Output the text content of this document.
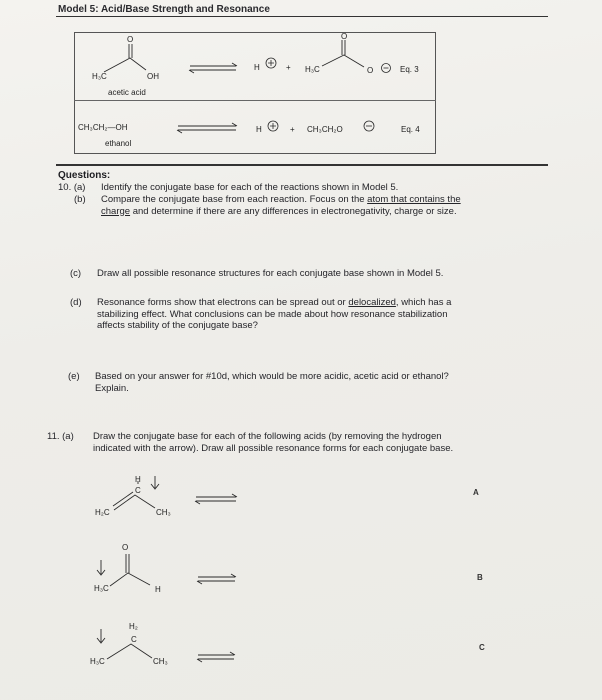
Model 5: Acid/Base Strength and Resonance
O
H₃C	OH
acetic acid
H	+ H₃C
O
O	Eq. 3
CH₃CH₂—OH
ethanol
H	+ CH₃CH₂O	Eq. 4
Questions:
10. (a) Identify the conjugate base for each of the reactions shown in Model 5.
(b) Compare the conjugate base from each reaction. Focus on the atom that contains the
charge and determine if there are any differences in electronegativity, charge or size.
(c) Draw all possible resonance structures for each conjugate base shown in Model 5.
(d) Resonance forms show that electrons can be spread out or delocalized, which has a
stabilizing effect. What conclusions can be made about how resonance stabilization
affects stability of the conjugate base?
(e) Based on your answer for #10d, which would be more acidic, acetic acid or ethanol?
Explain.
11. (a) Draw the conjugate base for each of the following acids (by removing the hydrogen
indicated with the arrow). Draw all possible resonance forms for each conjugate base.
H
C
H₂C	CH₃
A
O
H₃C	H
B
H₂
C
H₃C	CH₃
C
